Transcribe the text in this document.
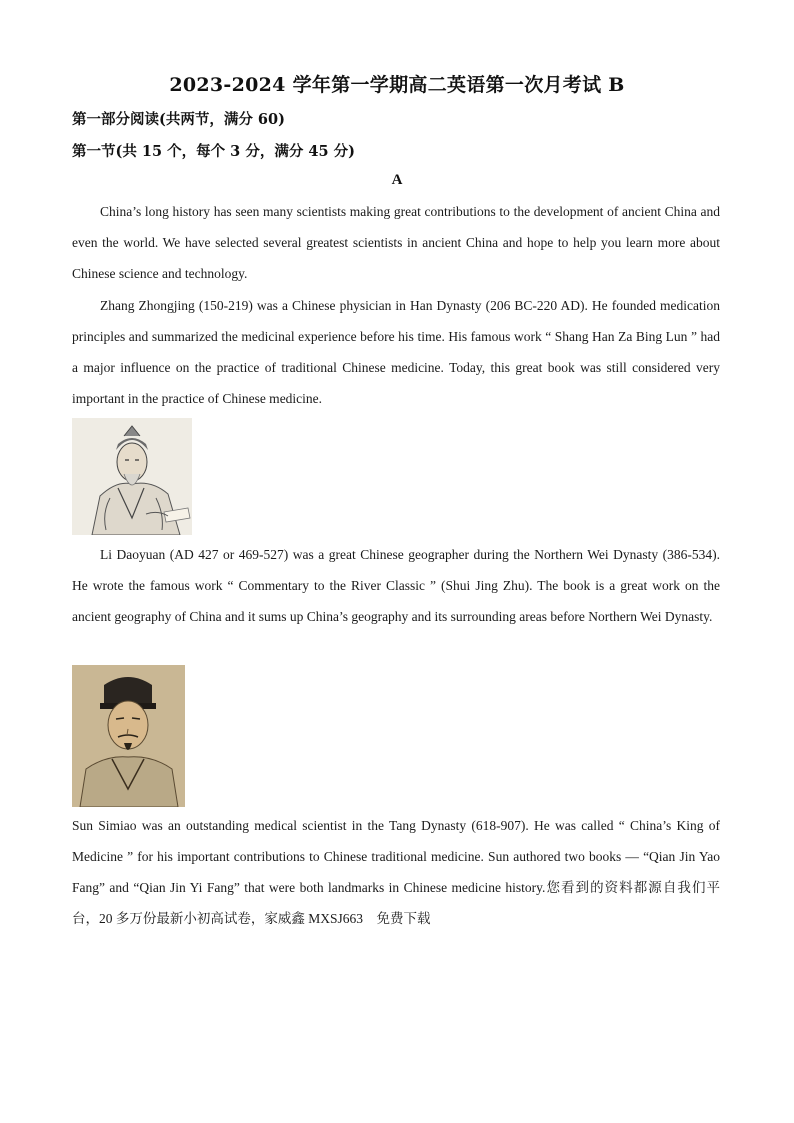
2023-2024 学年第一学期高二英语第一次月考试 B
第一部分阅读(共两节，满分 60)
第一节(共 15 个，每个 3 分，满分 45 分)
A

China’s long history has seen many scientists making great contributions to the development of ancient China and even the world. We have selected several greatest scientists in ancient China and hope to help you learn more about Chinese science and technology.

Zhang Zhongjing (150-219) was a Chinese physician in Han Dynasty (206 BC-220 AD). He founded medication principles and summarized the medicinal experience before his time. His famous work “ Shang Han Za Bing Lun ” had a major influence on the practice of traditional Chinese medicine. Today, this great book was still considered very important in the practice of Chinese medicine.

Li Daoyuan (AD 427 or 469-527) was a great Chinese geographer during the Northern Wei Dynasty (386-534). He wrote the famous work “ Commentary to the River Classic ” (Shui Jing Zhu). The book is a great work on the ancient geography of China and it sums up China’s geography and its surrounding areas before Northern Wei Dynasty.

Sun Simiao was an outstanding medical scientist in the Tang Dynasty (618-907). He was called “ China’s King of Medicine ” for his important contributions to Chinese traditional medicine. Sun authored two books — “Qian Jin Yao Fang” and “Qian Jin Yi Fang” that were both landmarks in Chinese medicine history.您看到的资料都源自我们平台，20 多万份最新小初高试卷，家威鑫 MXSJ663　免费下载
